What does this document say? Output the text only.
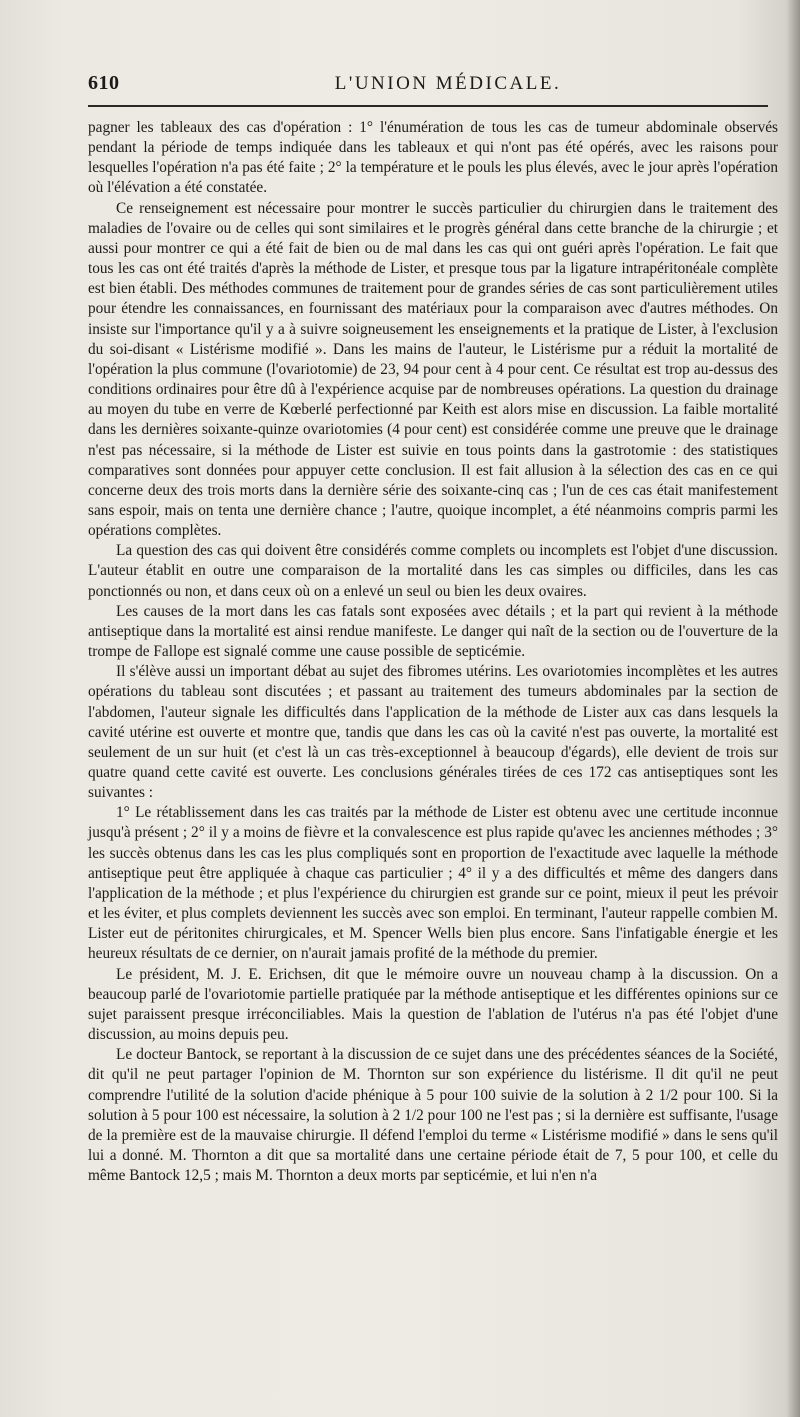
610	L'UNION MÉDICALE.

pagner les tableaux des cas d'opération : 1° l'énumération de tous les cas de tumeur abdominale observés pendant la période de temps indiquée dans les tableaux et qui n'ont pas été opérés, avec les raisons pour lesquelles l'opération n'a pas été faite ; 2° la température et le pouls les plus élevés, avec le jour après l'opération où l'élévation a été constatée.

Ce renseignement est nécessaire pour montrer le succès particulier du chirurgien dans le traitement des maladies de l'ovaire ou de celles qui sont similaires et le progrès général dans cette branche de la chirurgie ; et aussi pour montrer ce qui a été fait de bien ou de mal dans les cas qui ont guéri après l'opération. Le fait que tous les cas ont été traités d'après la méthode de Lister, et presque tous par la ligature intrapéritonéale complète est bien établi. Des méthodes communes de traitement pour de grandes séries de cas sont particulièrement utiles pour étendre les connaissances, en fournissant des matériaux pour la comparaison avec d'autres méthodes. On insiste sur l'importance qu'il y a à suivre soigneusement les enseignements et la pratique de Lister, à l'exclusion du soi-disant « Listérisme modifié ». Dans les mains de l'auteur, le Listérisme pur a réduit la mortalité de l'opération la plus commune (l'ovariotomie) de 23, 94 pour cent à 4 pour cent. Ce résultat est trop au-dessus des conditions ordinaires pour être dû à l'expérience acquise par de nombreuses opérations. La question du drainage au moyen du tube en verre de Kœberlé perfectionné par Keith est alors mise en discussion. La faible mortalité dans les dernières soixante-quinze ovariotomies (4 pour cent) est considérée comme une preuve que le drainage n'est pas nécessaire, si la méthode de Lister est suivie en tous points dans la gastrotomie : des statistiques comparatives sont données pour appuyer cette conclusion. Il est fait allusion à la sélection des cas en ce qui concerne deux des trois morts dans la dernière série des soixante-cinq cas ; l'un de ces cas était manifestement sans espoir, mais on tenta une dernière chance ; l'autre, quoique incomplet, a été néanmoins compris parmi les opérations complètes.

La question des cas qui doivent être considérés comme complets ou incomplets est l'objet d'une discussion. L'auteur établit en outre une comparaison de la mortalité dans les cas simples ou difficiles, dans les cas ponctionnés ou non, et dans ceux où on a enlevé un seul ou bien les deux ovaires.

Les causes de la mort dans les cas fatals sont exposées avec détails ; et la part qui revient à la méthode antiseptique dans la mortalité est ainsi rendue manifeste. Le danger qui naît de la section ou de l'ouverture de la trompe de Fallope est signalé comme une cause possible de septicémie.

Il s'élève aussi un important débat au sujet des fibromes utérins. Les ovariotomies incomplètes et les autres opérations du tableau sont discutées ; et passant au traitement des tumeurs abdominales par la section de l'abdomen, l'auteur signale les difficultés dans l'application de la méthode de Lister aux cas dans lesquels la cavité utérine est ouverte et montre que, tandis que dans les cas où la cavité n'est pas ouverte, la mortalité est seulement de un sur huit (et c'est là un cas très-exceptionnel à beaucoup d'égards), elle devient de trois sur quatre quand cette cavité est ouverte. Les conclusions générales tirées de ces 172 cas antiseptiques sont les suivantes :

1° Le rétablissement dans les cas traités par la méthode de Lister est obtenu avec une certitude inconnue jusqu'à présent ; 2° il y a moins de fièvre et la convalescence est plus rapide qu'avec les anciennes méthodes ; 3° les succès obtenus dans les cas les plus compliqués sont en proportion de l'exactitude avec laquelle la méthode antiseptique peut être appliquée à chaque cas particulier ; 4° il y a des difficultés et même des dangers dans l'application de la méthode ; et plus l'expérience du chirurgien est grande sur ce point, mieux il peut les prévoir et les éviter, et plus complets deviennent les succès avec son emploi. En terminant, l'auteur rappelle combien M. Lister eut de péritonites chirurgicales, et M. Spencer Wells bien plus encore. Sans l'infatigable énergie et les heureux résultats de ce dernier, on n'aurait jamais profité de la méthode du premier.

Le président, M. J. E. Erichsen, dit que le mémoire ouvre un nouveau champ à la discussion. On a beaucoup parlé de l'ovariotomie partielle pratiquée par la méthode antiseptique et les différentes opinions sur ce sujet paraissent presque irréconciliables. Mais la question de l'ablation de l'utérus n'a pas été l'objet d'une discussion, au moins depuis peu.

Le docteur Bantock, se reportant à la discussion de ce sujet dans une des précédentes séances de la Société, dit qu'il ne peut partager l'opinion de M. Thornton sur son expérience du listérisme. Il dit qu'il ne peut comprendre l'utilité de la solution d'acide phénique à 5 pour 100 suivie de la solution à 2 1/2 pour 100. Si la solution à 5 pour 100 est nécessaire, la solution à 2 1/2 pour 100 ne l'est pas ; si la dernière est suffisante, l'usage de la première est de la mauvaise chirurgie. Il défend l'emploi du terme « Listérisme modifié » dans le sens qu'il lui a donné. M. Thornton a dit que sa mortalité dans une certaine période était de 7, 5 pour 100, et celle du même Bantock 12,5 ; mais M. Thornton a deux morts par septicémie, et lui n'en n'a
